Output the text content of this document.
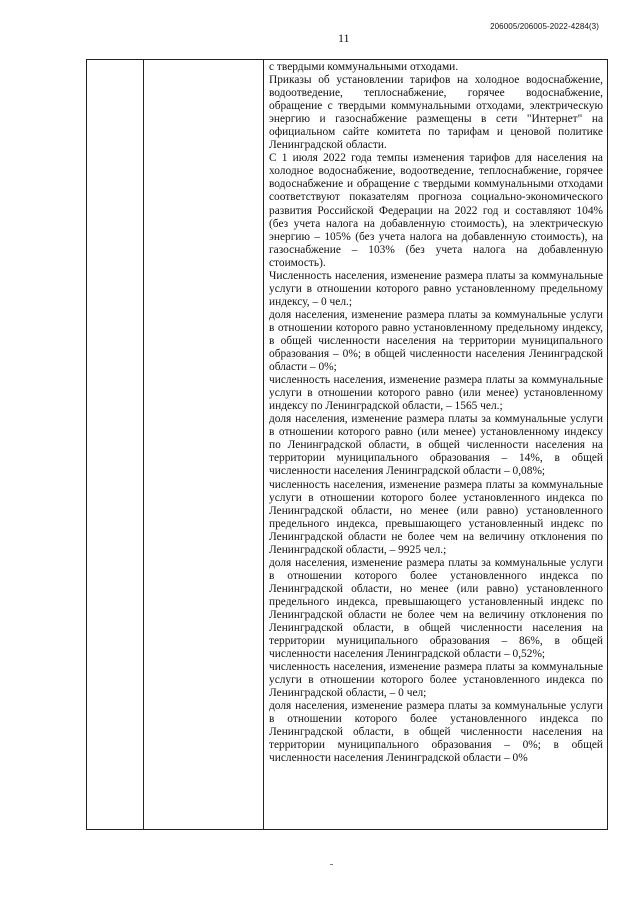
11
206005/206005-2022-4284(3)

с твердыми коммунальными отходами.

Приказы об установлении тарифов на холодное водоснабжение, водоотведение, теплоснабжение, горячее водоснабжение, обращение с твердыми коммунальными отходами, электрическую энергию и газоснабжение размещены в сети "Интернет" на официальном сайте комитета по тарифам и ценовой политике Ленинградской области.

С 1 июля 2022 года темпы изменения тарифов для населения на холодное водоснабжение, водоотведение, теплоснабжение, горячее водоснабжение и обращение с твердыми коммунальными отходами соответствуют показателям прогноза социально-экономического развития Российской Федерации на 2022 год и составляют 104% (без учета налога на добавленную стоимость), на электрическую энергию – 105% (без учета налога на добавленную стоимость), на газоснабжение – 103% (без учета налога на добавленную стоимость).

Численность населения, изменение размера платы за коммунальные услуги в отношении которого равно установленному предельному индексу, – 0 чел.;

доля населения, изменение размера платы за коммунальные услуги в отношении которого равно установленному предельному индексу, в общей численности населения на территории муниципального образования – 0%; в общей численности населения Ленинградской области – 0%;

численность населения, изменение размера платы за коммунальные услуги в отношении которого равно (или менее) установленному индексу по Ленинградской области, – 1565 чел.;

доля населения, изменение размера платы за коммунальные услуги в отношении которого равно (или менее) установленному индексу по Ленинградской области, в общей численности населения на территории муниципального образования – 14%, в общей численности населения Ленинградской области – 0,08%;

численность населения, изменение размера платы за коммунальные услуги в отношении которого более установленного индекса по Ленинградской области, но менее (или равно) установленного предельного индекса, превышающего установленный индекс по Ленинградской области не более чем на величину отклонения по Ленинградской области, – 9925 чел.;

доля населения, изменение размера платы за коммунальные услуги в отношении которого более установленного индекса по Ленинградской области, но менее (или равно) установленного предельного индекса, превышающего установленный индекс по Ленинградской области не более чем на величину отклонения по Ленинградской области, в общей численности населения на территории муниципального образования – 86%, в общей численности населения Ленинградской области – 0,52%;

численность населения, изменение размера платы за коммунальные услуги в отношении которого более установленного индекса по Ленинградской области, – 0 чел;

доля населения, изменение размера платы за коммунальные услуги в отношении которого более установленного индекса по Ленинградской области, в общей численности населения на территории муниципального образования – 0%; в общей численности населения Ленинградской области – 0%
